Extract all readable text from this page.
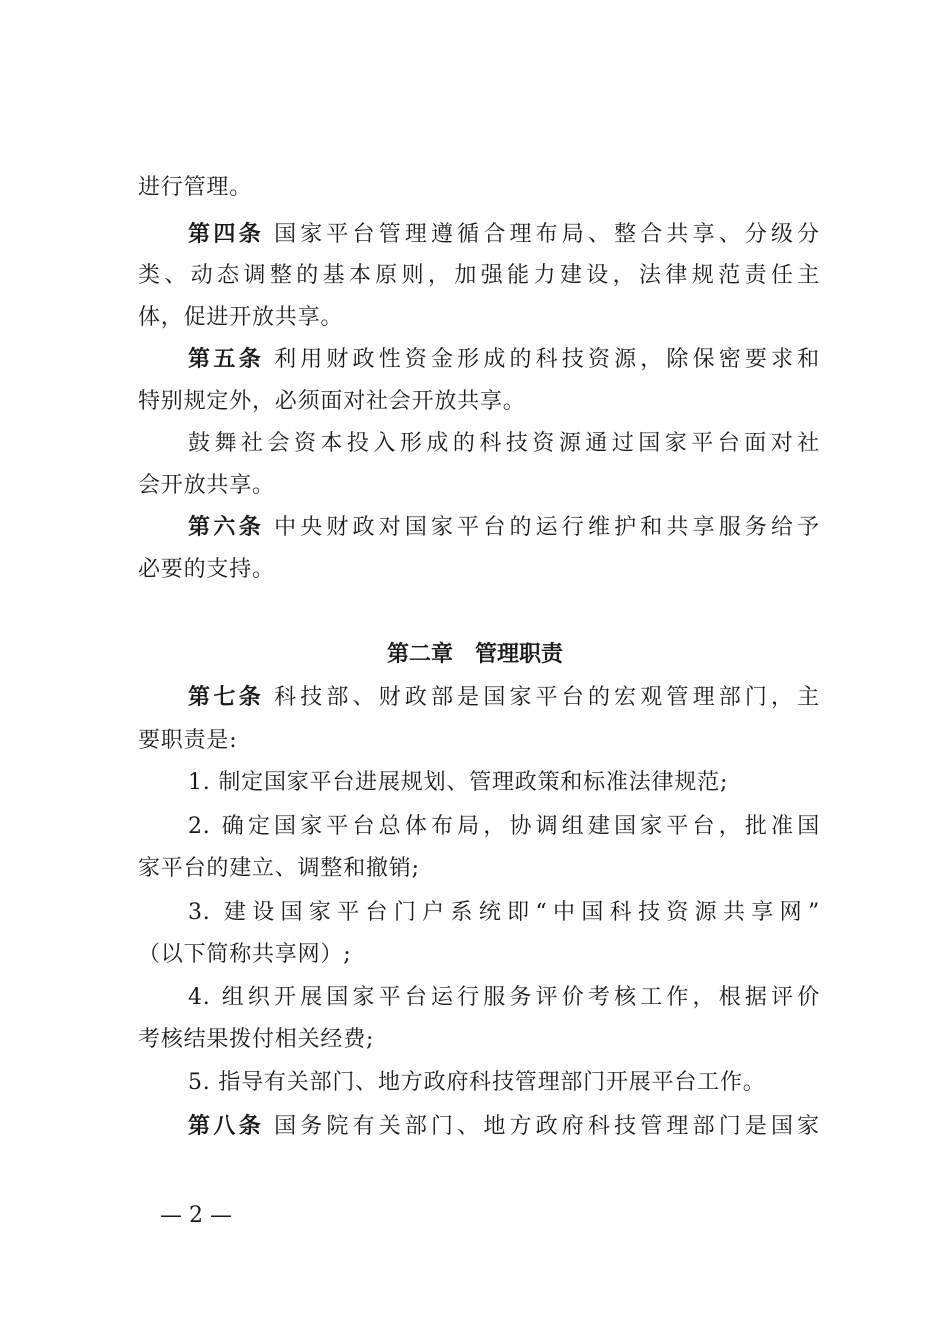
进行管理。
第四条 国家平台管理遵循合理布局、整合共享、分级分
类、动态调整的基本原则，加强能力建设，法律规范责任主
体，促进开放共享。
第五条 利用财政性资金形成的科技资源，除保密要求和
特别规定外，必须面对社会开放共享。
鼓舞社会资本投入形成的科技资源通过国家平台面对社
会开放共享。
第六条 中央财政对国家平台的运行维护和共享服务给予
必要的支持。
第二章 管理职责
第七条 科技部、财政部是国家平台的宏观管理部门，主
要职责是:
1. 制定国家平台进展规划、管理政策和标准法律规范;
2. 确定国家平台总体布局，协调组建国家平台，批准国
家平台的建立、调整和撤销;
3. 建设国家平台门户系统即“中国科技资源共享网”
（以下简称共享网）;
4. 组织开展国家平台运行服务评价考核工作，根据评价
考核结果拨付相关经费;
5. 指导有关部门、地方政府科技管理部门开展平台工作。
第八条 国务院有关部门、地方政府科技管理部门是国家
— 2 —
